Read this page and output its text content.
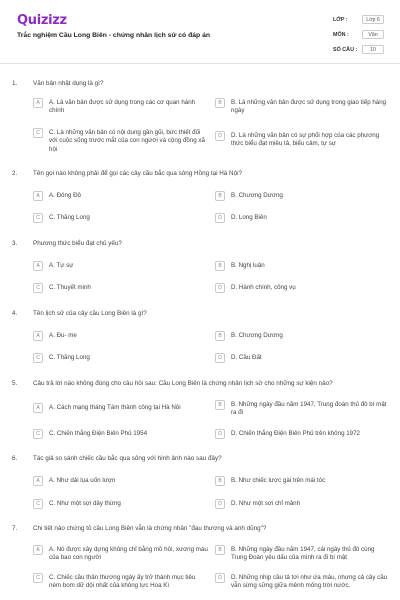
Quizizz
Trắc nghiệm Cầu Long Biên - chứng nhân lịch sử có đáp án
LỚP :	Lớp 6
MÔN :	Văn
SỐ CÂU :	10
1. Văn bản nhật dụng là gì?
A	A. Là văn bản được sử dụng trong các cơ quan hành chính
B	B. Là những văn bản được sử dụng trong giao tiếp hàng ngày
C	C. Là những văn bản có nội dung gần gũi, bức thiết đối với cuộc sống trước mắt của con người và cộng đồng xã hội
D	D. Là những văn bản có sự phối hợp của các phương thức biểu đạt miêu tả, biểu cảm, tự sự
2. Tên gọi nào không phải để gọi các cây cầu bắc qua sông Hồng tại Hà Nội?
A	A. Đông Đô	B	B. Chương Dương
C	C. Thăng Long	D	D. Long Biên
3. Phương thức biểu đạt chủ yếu?
A	A. Tự sự	B	B. Nghị luận
C	C. Thuyết minh	D	D. Hành chính, công vụ
4. Tên lịch sử của cây cầu Long Biên là gì?
A	A. Đu- me	B	B. Chương Dương
C	C. Thăng Long	D	D. Cầu Đất
5. Câu trả lời nào không đúng cho câu hỏi sau: Cầu Long Biên là chứng nhân lịch sử cho những sự kiện nào?
A	A. Cách mạng tháng Tám thành công tại Hà Nội	B	B. Những ngày đầu năm 1947, Trung đoàn thủ đô bí mật ra đi
C	C. Chiến thắng Điện Biên Phủ 1954	D	D. Chiến thắng Điện Biên Phủ trên không 1972
6. Tác giả so sánh chiếc cầu bắc qua sông với hình ảnh nào sau đây?
A	A. Như dải lụa uốn lượn	B	B. Như chiếc lược gài trên mái tóc
C	C. Như một sợi dây thừng	D	D. Như một sợi chỉ mảnh
7. Chi tiết nào chứng tỏ cầu Long Biên vẫn là chứng nhân "đau thương và anh dũng"?
A	A. Nó được xây dựng không chỉ bằng mồ hôi, xương máu của bao con người
B	B. Những ngày đầu năm 1947, cái ngày thủ đô cùng Trung Đoàn yêu dấu của mình ra đi bí mật
C	C. Chiếc cầu thân thương ngày ấy trở thành mục tiêu ném bom dữ dội nhất của không lực Hoa Kì
D	D. Những nhịp cầu tả tơi như ứa máu, nhưng cả cây cầu vẫn sừng sững giữa mênh mông trời nước.
